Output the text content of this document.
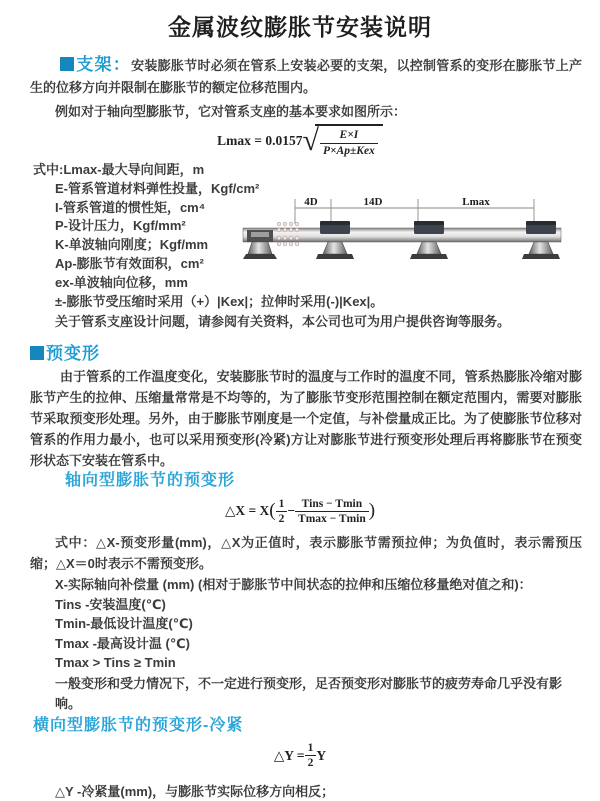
金属波纹膨胀节安装说明

支架：安装膨胀节时必须在管系上安装必要的支架，以控制管系的变形在膨胀节上产生的位移方向并限制在膨胀节的额定位移范围内。

例如对于轴向型膨胀节，它对管系支座的基本要求如图所示：

Lmax = 0.0157 √ $\frac{E\times I}{\text{P×Ap±Kex}}$
式中:Lmax-最大导向间距，m
E-管系管道材料弹性投量，Kgf/cm²
I-管系管道的惯性矩，cm⁴
P-设计压力，Kgf/mm²
K-单波轴向刚度；Kgf/mm
Ap-膨胀节有效面积，cm²
ex-单波轴向位移，mm
±-膨胀节受压缩时采用（+）|Kex|；拉伸时采用(-)|Kex|。

关于管系支座设计问题，请参阅有关资料，本公司也可为用户提供咨询等服务。

4D	14D	Lmax
预变形

由于管系的工作温度变化，安装膨胀节时的温度与工作时的温度不同，管系热膨胀冷缩对膨胀节产生的拉伸、压缩量常常是不均等的，为了膨胀节变形范围控制在额定范围内，需要对膨胀节采取预变形处理。另外，由于膨胀节刚度是一个定值，与补偿量成正比。为了使膨胀节位移对管系的作用力最小，也可以采用预变形(冷紧)方让对膨胀节进行预变形处理后再将膨胀节在预变形状态下安装在管系中。

轴向型膨胀节的预变形
△X = X ( $\frac{1}{2} - \frac{\text{Tins − Tmin}}{Tmax - Tmin}$ )

式中：△X-预变形量(mm)，△X为正值时，表示膨胀节需预拉伸；为负值时，表示需预压缩；△X＝0时表示不需预变形。

X-实际轴向补偿量 (mm) (相对于膨胀节中间状态的拉伸和压缩位移量绝对值之和)：
Tins -安装温度(℃)
Tmin-最低设计温度(℃)
Tmax -最高设计温 (℃)
Tmax > Tins ≥ Tmin

一般变形和受力情况下，不一定进行预变形，足否预变形对膨胀节的疲劳寿命几乎没有影响。

横向型膨胀节的预变形-冷紧
△Y = $\frac{1}{2}$ Y

△Y -冷紧量(mm)，与膨胀节实际位移方向相反；
